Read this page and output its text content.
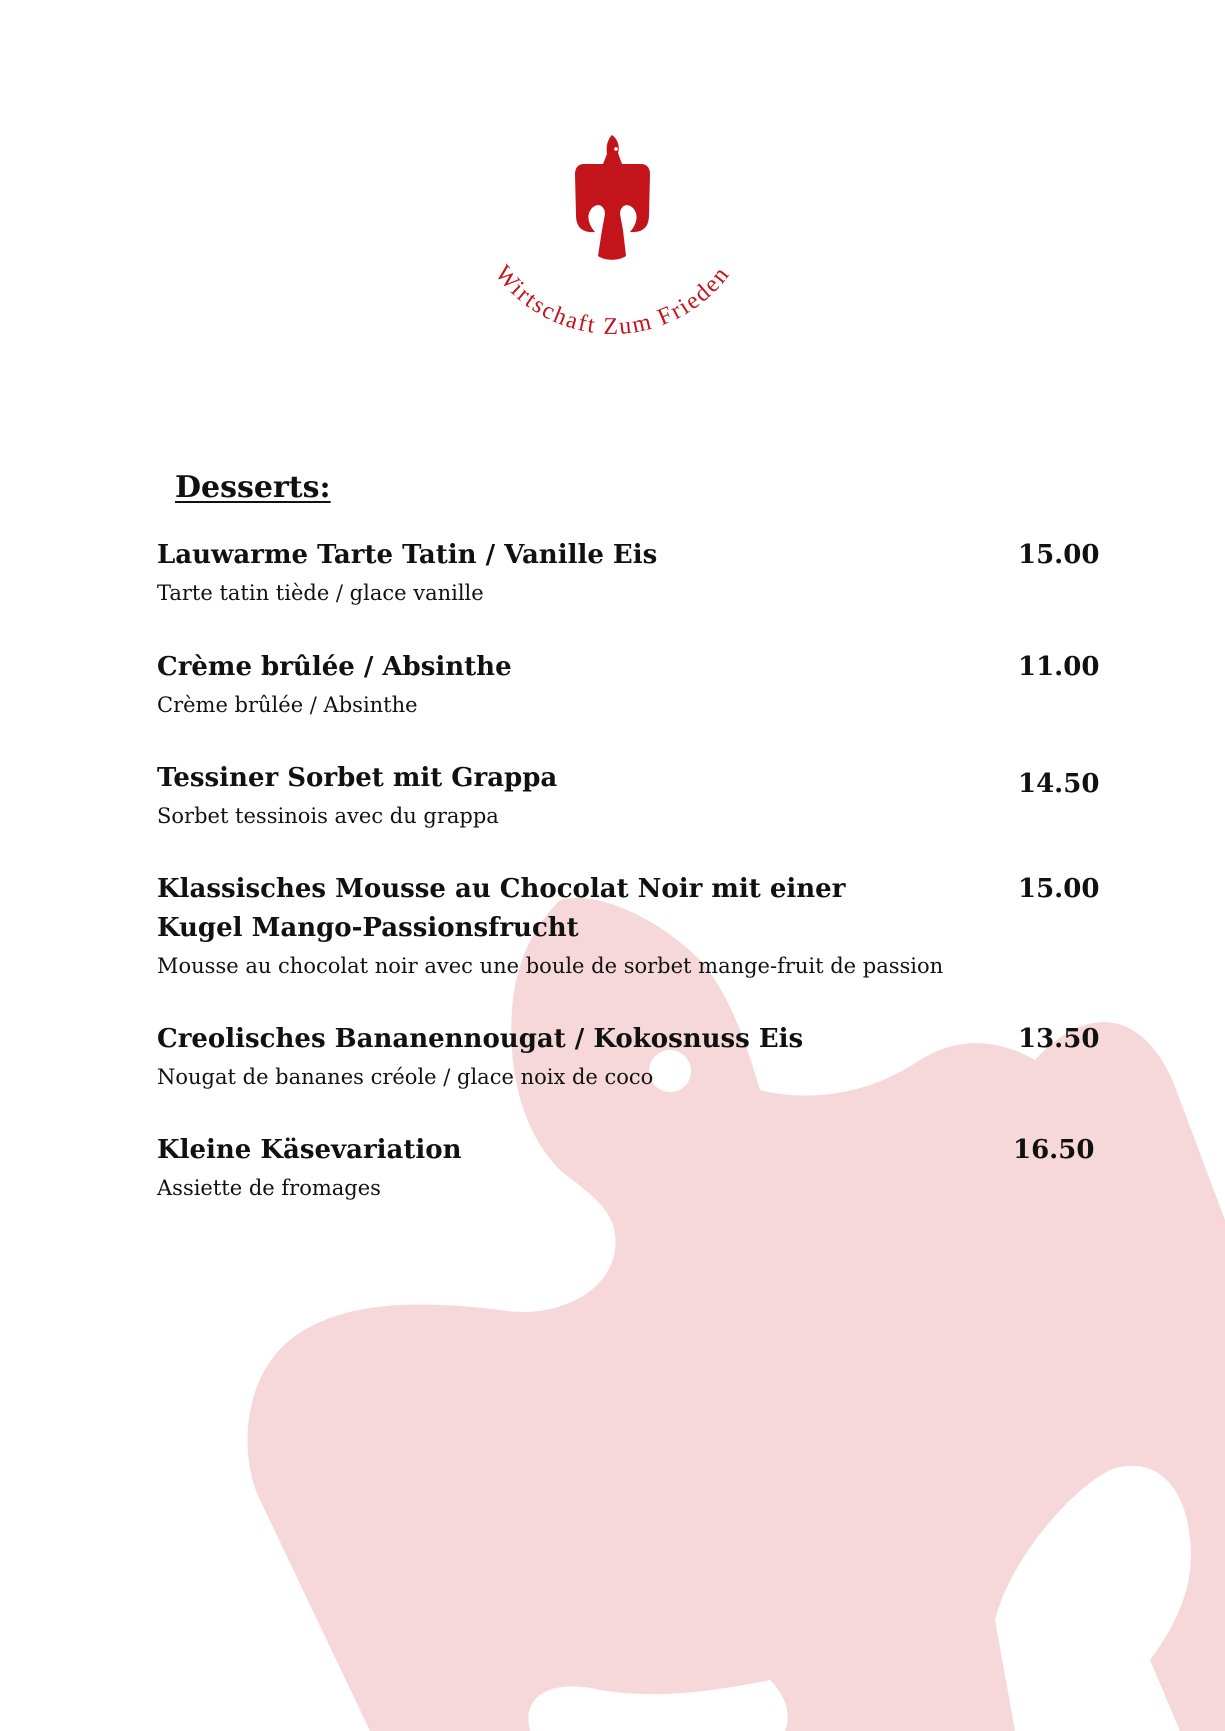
Wirtschaft Zum Frieden
Desserts:
Lauwarme Tarte Tatin / Vanille Eis
Tarte tatin tiède / glace vanille
15.00
Crème brûlée / Absinthe
Crème brûlée / Absinthe
11.00
Tessiner Sorbet mit Grappa
Sorbet tessinois avec du grappa
14.50
Klassisches Mousse au Chocolat Noir mit einer Kugel Mango-Passionsfrucht
Mousse au chocolat noir avec une boule de sorbet mange-fruit de passion
15.00
Creolisches Bananennougat / Kokosnuss Eis
Nougat de bananes créole / glace noix de coco
13.50
Kleine Käsevariation
Assiette de fromages
16.50
